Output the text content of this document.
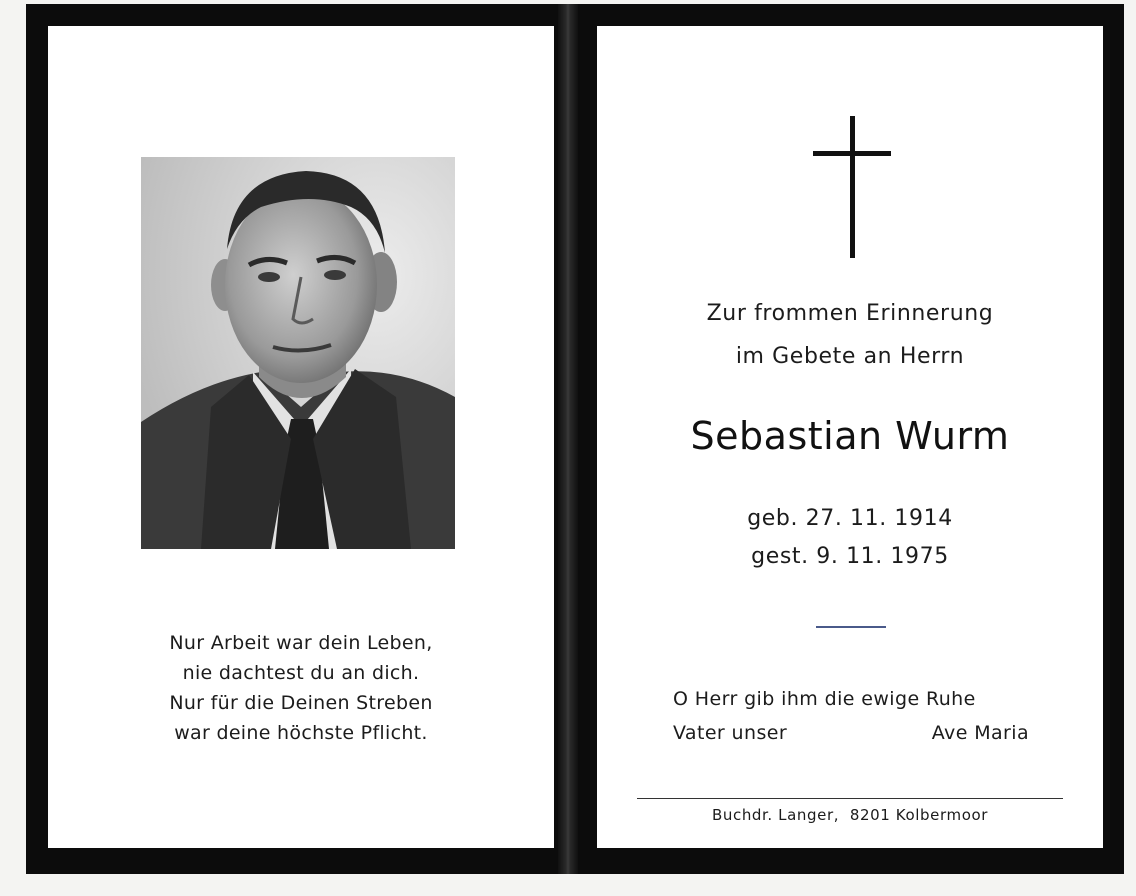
Nur Arbeit war dein Leben,
nie dachtest du an dich.
Nur für die Deinen Streben
war deine höchste Pflicht.
Zur frommen Erinnerung
im Gebete an Herrn
Sebastian Wurm
geb. 27. 11. 1914
gest. 9. 11. 1975
O Herr gib ihm die ewige Ruhe
Vater unser	Ave Maria
Buchdr. Langer, 8201 Kolbermoor
